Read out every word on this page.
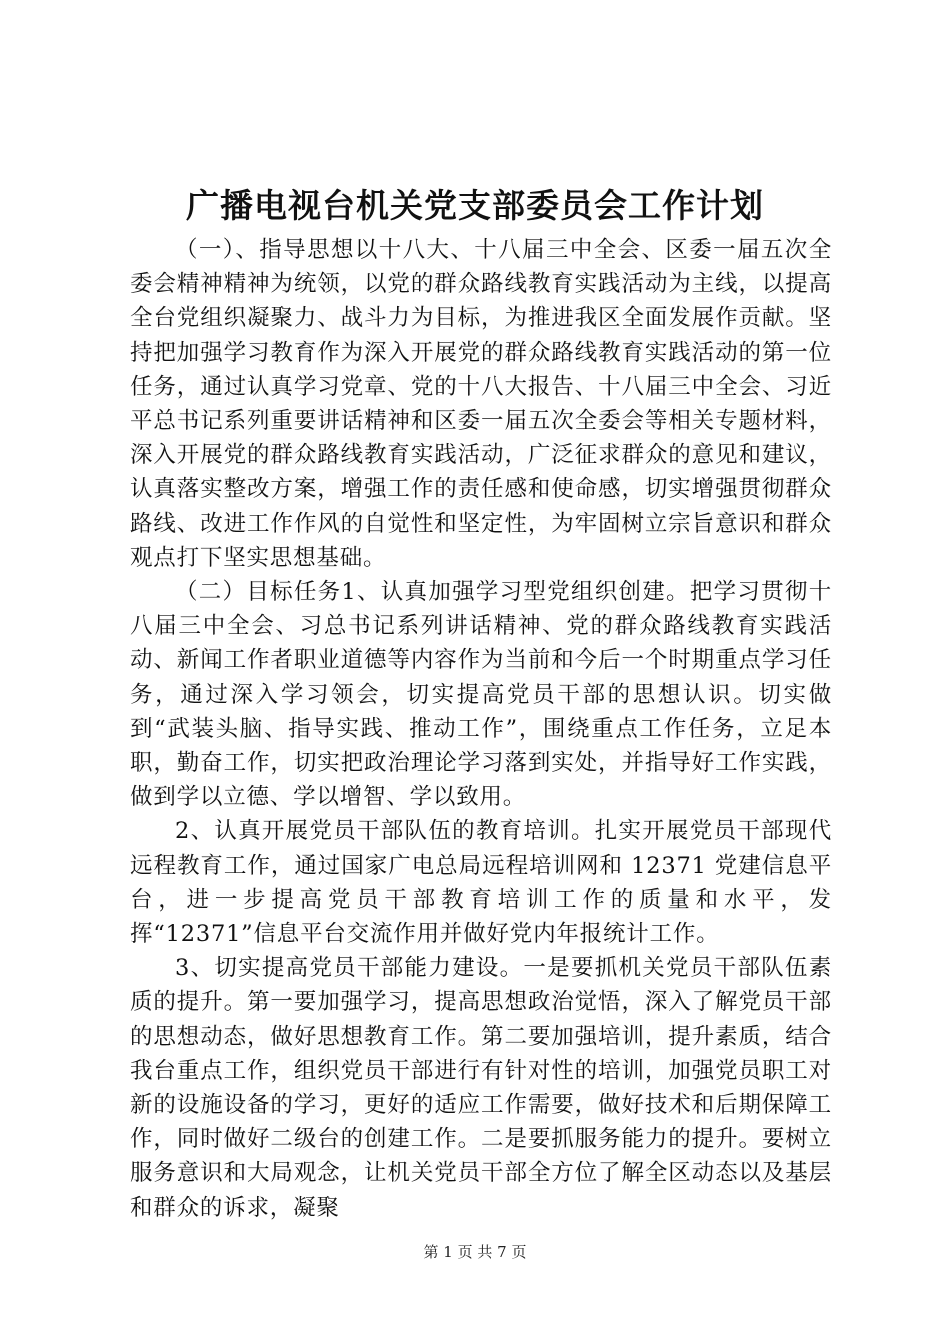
广播电视台机关党支部委员会工作计划

（一）、指导思想以十八大、十八届三中全会、区委一届五次全委会精神精神为统领，以党的群众路线教育实践活动为主线，以提高全台党组织凝聚力、战斗力为目标，为推进我区全面发展作贡献。坚持把加强学习教育作为深入开展党的群众路线教育实践活动的第一位任务，通过认真学习党章、党的十八大报告、十八届三中全会、习近平总书记系列重要讲话精神和区委一届五次全委会等相关专题材料，深入开展党的群众路线教育实践活动，广泛征求群众的意见和建议，认真落实整改方案，增强工作的责任感和使命感，切实增强贯彻群众路线、改进工作作风的自觉性和坚定性，为牢固树立宗旨意识和群众观点打下坚实思想基础。

（二）目标任务1、认真加强学习型党组织创建。把学习贯彻十八届三中全会、习总书记系列讲话精神、党的群众路线教育实践活动、新闻工作者职业道德等内容作为当前和今后一个时期重点学习任务，通过深入学习领会，切实提高党员干部的思想认识。切实做到“武装头脑、指导实践、推动工作”，围绕重点工作任务，立足本职，勤奋工作，切实把政治理论学习落到实处，并指导好工作实践，做到学以立德、学以增智、学以致用。

2、认真开展党员干部队伍的教育培训。扎实开展党员干部现代远程教育工作，通过国家广电总局远程培训网和 12371 党建信息平台，进一步提高党员干部教育培训工作的质量和水平，发挥“12371”信息平台交流作用并做好党内年报统计工作。

3、切实提高党员干部能力建设。一是要抓机关党员干部队伍素质的提升。第一要加强学习，提高思想政治觉悟，深入了解党员干部的思想动态，做好思想教育工作。第二要加强培训，提升素质，结合我台重点工作，组织党员干部进行有针对性的培训，加强党员职工对新的设施设备的学习，更好的适应工作需要，做好技术和后期保障工作，同时做好二级台的创建工作。二是要抓服务能力的提升。要树立服务意识和大局观念，让机关党员干部全方位了解全区动态以及基层和群众的诉求，凝聚

第 1 页 共 7 页
